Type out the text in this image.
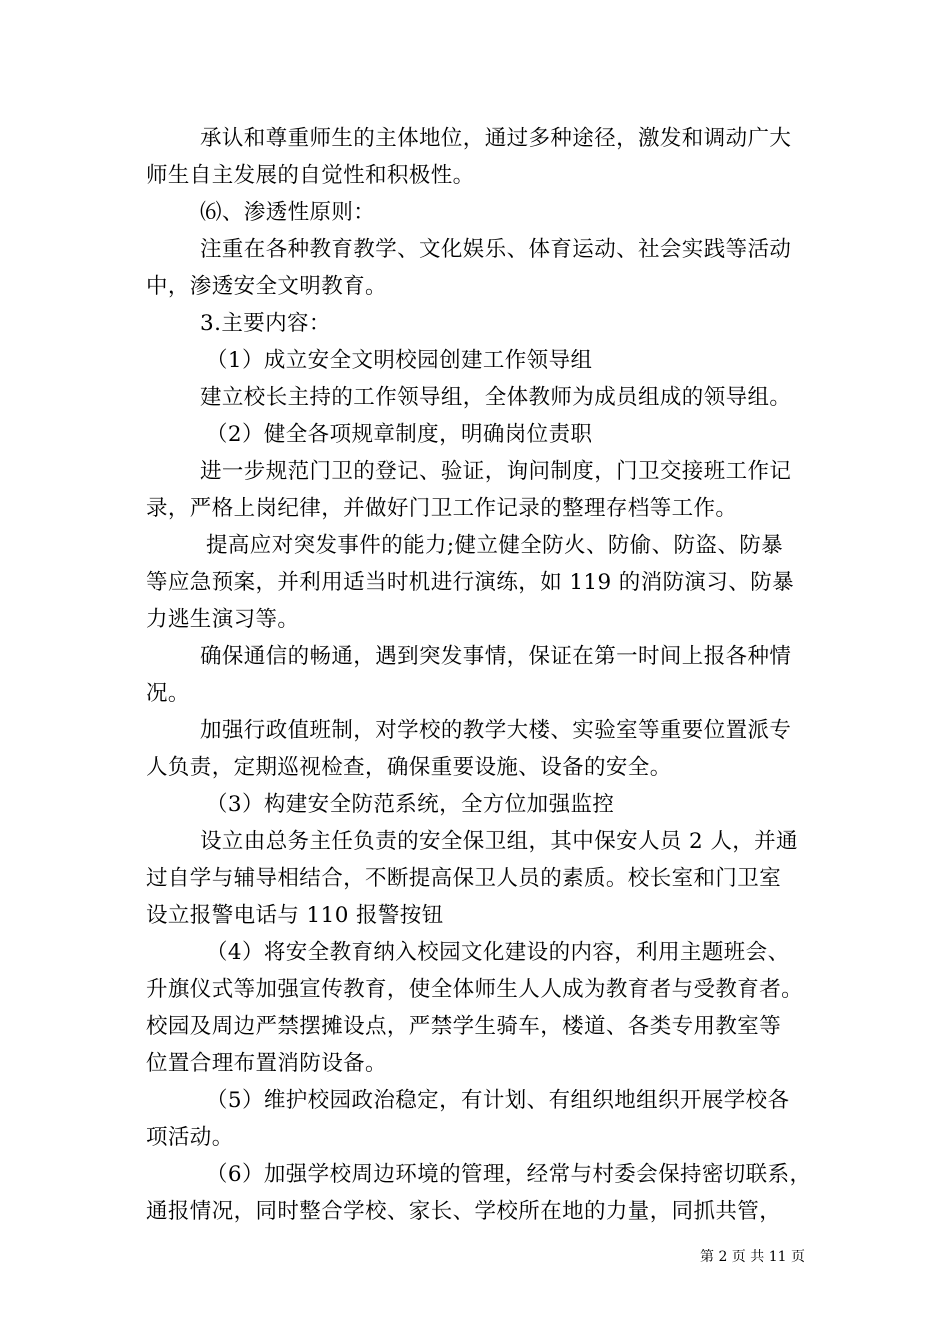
承认和尊重师生的主体地位，通过多种途径，激发和调动广大
师生自主发展的自觉性和积极性。
⑹、渗透性原则：
注重在各种教育教学、文化娱乐、体育运动、社会实践等活动
中，渗透安全文明教育。
3.主要内容：
（1）成立安全文明校园创建工作领导组
建立校长主持的工作领导组，全体教师为成员组成的领导组。
（2）健全各项规章制度，明确岗位责职
进一步规范门卫的登记、验证，询问制度，门卫交接班工作记
录，严格上岗纪律，并做好门卫工作记录的整理存档等工作。
提高应对突发事件的能力;健立健全防火、防偷、防盗、防暴
等应急预案，并利用适当时机进行演练，如 119 的消防演习、防暴
力逃生演习等。
确保通信的畅通，遇到突发事情，保证在第一时间上报各种情
况。
加强行政值班制，对学校的教学大楼、实验室等重要位置派专
人负责，定期巡视检查，确保重要设施、设备的安全。
（3）构建安全防范系统，全方位加强监控
设立由总务主任负责的安全保卫组，其中保安人员 2 人，并通
过自学与辅导相结合，不断提高保卫人员的素质。校长室和门卫室
设立报警电话与 110 报警按钮
（4）将安全教育纳入校园文化建设的内容，利用主题班会、
升旗仪式等加强宣传教育，使全体师生人人成为教育者与受教育者。
校园及周边严禁摆摊设点，严禁学生骑车，楼道、各类专用教室等
位置合理布置消防设备。
（5）维护校园政治稳定，有计划、有组织地组织开展学校各
项活动。
（6）加强学校周边环境的管理，经常与村委会保持密切联系，
通报情况，同时整合学校、家长、学校所在地的力量，同抓共管，
第 2 页 共 11 页
